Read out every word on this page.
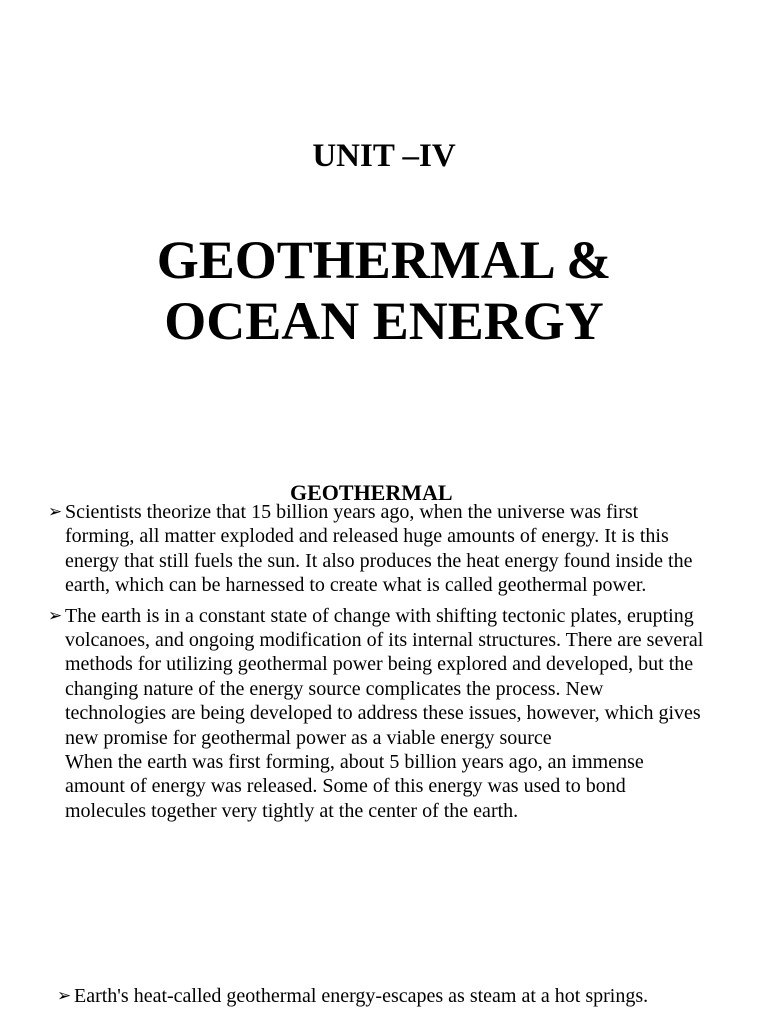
UNIT –IV
GEOTHERMAL &
OCEAN ENERGY
➢ Scientists theorize that 15 billion years ago, when the universe was first forming, all matter exploded and released huge amounts of energy. It is this energy that still fuels the sun. It also produces the heat energy found inside the earth, which can be harnessed to create what is called geothermal power.
➢ The earth is in a constant state of change with shifting tectonic plates, erupting volcanoes, and ongoing modification of its internal structures. There are several methods for utilizing geothermal power being explored and developed, but the changing nature of the energy source complicates the process. New technologies are being developed to address these issues, however, which gives new promise for geothermal power as a viable energy source
When the earth was first forming, about 5 billion years ago, an immense amount of energy was released. Some of this energy was used to bond molecules together very tightly at the center of the earth.
GEOTHERMAL
➢ Earth's heat-called geothermal energy-escapes as steam at a hot springs.
